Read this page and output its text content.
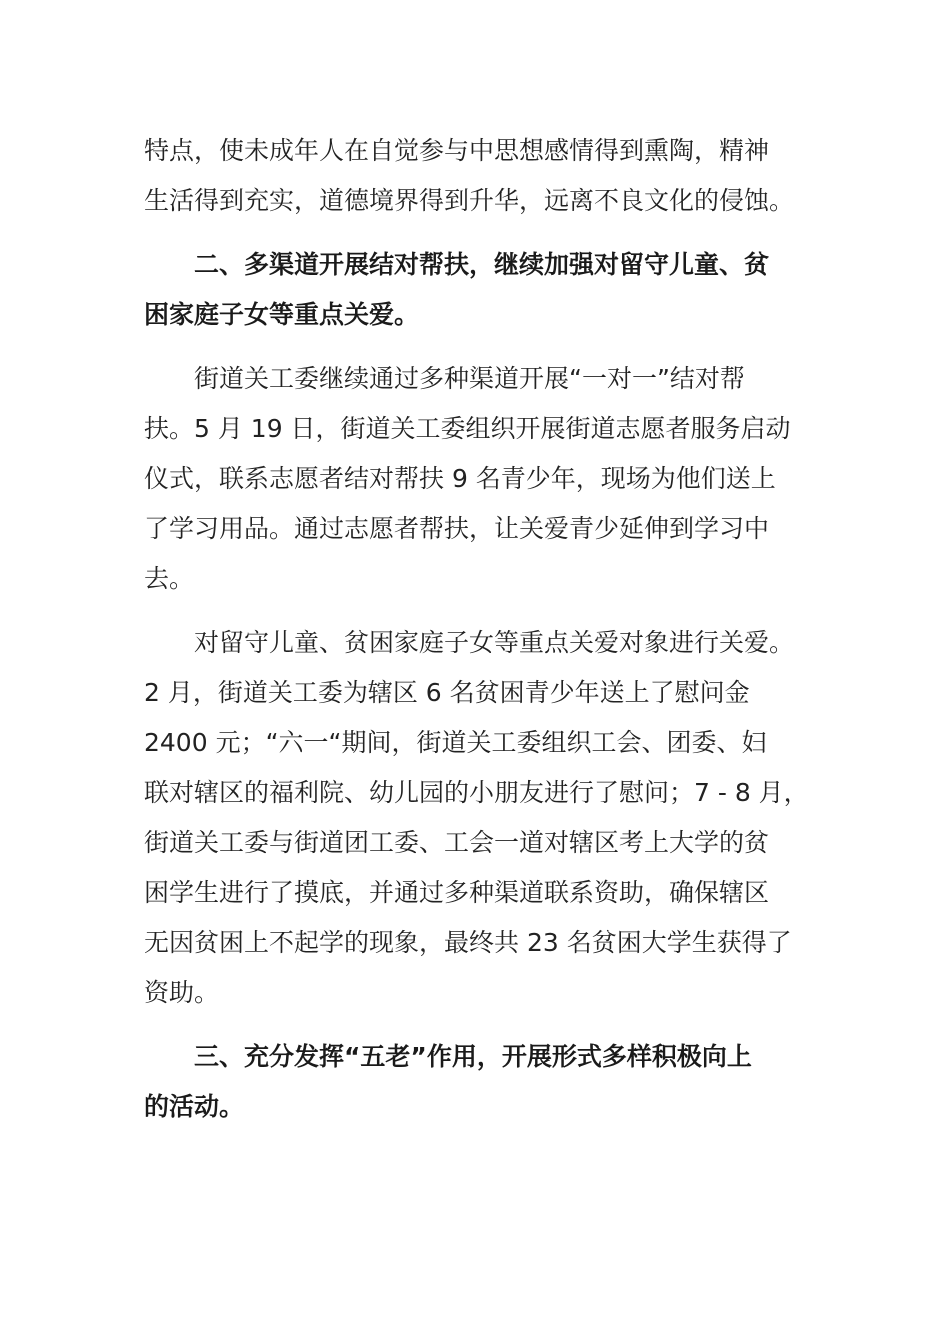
特点，使未成年人在自觉参与中思想感情得到熏陶，精神
生活得到充实，道德境界得到升华，远离不良文化的侵蚀。

二、多渠道开展结对帮扶，继续加强对留守儿童、贫
困家庭子女等重点关爱。

街道关工委继续通过多种渠道开展“一对一”结对帮
扶。5 月 19 日，街道关工委组织开展街道志愿者服务启动
仪式，联系志愿者结对帮扶 9 名青少年，现场为他们送上
了学习用品。通过志愿者帮扶，让关爱青少延伸到学习中
去。

对留守儿童、贫困家庭子女等重点关爱对象进行关爱。
2 月，街道关工委为辖区 6 名贫困青少年送上了慰问金
2400 元；“六一“期间，街道关工委组织工会、团委、妇
联对辖区的福利院、幼儿园的小朋友进行了慰问；7 - 8 月，
街道关工委与街道团工委、工会一道对辖区考上大学的贫
困学生进行了摸底，并通过多种渠道联系资助，确保辖区
无因贫困上不起学的现象，最终共 23 名贫困大学生获得了
资助。

三、充分发挥“五老”作用，开展形式多样积极向上
的活动。
